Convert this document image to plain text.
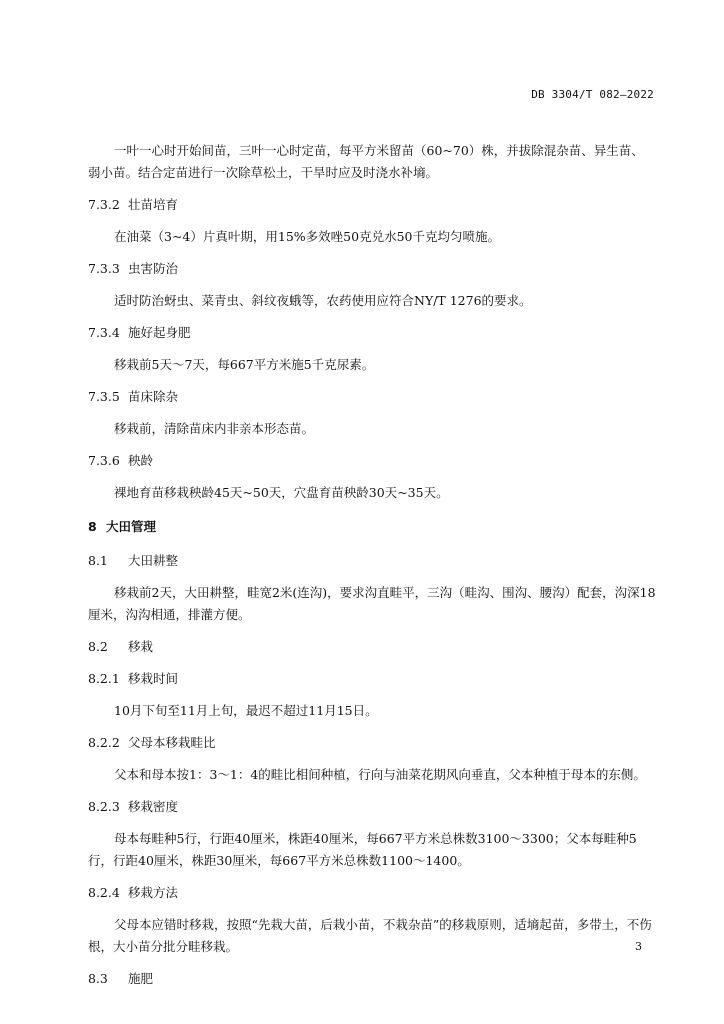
DB 3304/T 082—2022

一叶一心时开始间苗，三叶一心时定苗，每平方米留苗（60~70）株，并拔除混杂苗、异生苗、弱小苗。结合定苗进行一次除草松土，干旱时应及时浇水补墒。

7.3.2 壮苗培育

在油菜（3~4）片真叶期，用15%多效唑50克兑水50千克均匀喷施。

7.3.3 虫害防治

适时防治蚜虫、菜青虫、斜纹夜蛾等，农药使用应符合NY/T 1276的要求。

7.3.4 施好起身肥

移栽前5天～7天，每667平方米施5千克尿素。

7.3.5 苗床除杂

移栽前，清除苗床内非亲本形态苗。

7.3.6 秧龄

裸地育苗移栽秧龄45天~50天，穴盘育苗秧龄30天~35天。

8 大田管理
8.1 大田耕整

移栽前2天，大田耕整，畦宽2米(连沟)，要求沟直畦平，三沟（畦沟、围沟、腰沟）配套，沟深18厘米，沟沟相通，排灌方便。

8.2 移栽
8.2.1 移栽时间

10月下旬至11月上旬，最迟不超过11月15日。

8.2.2 父母本移栽畦比

父本和母本按1：3～1：4的畦比相间种植，行向与油菜花期风向垂直，父本种植于母本的东侧。

8.2.3 移栽密度

母本每畦种5行，行距40厘米，株距40厘米，每667平方米总株数3100～3300；父本每畦种5行，行距40厘米，株距30厘米，每667平方米总株数1100～1400。

8.2.4 移栽方法

父母本应错时移栽，按照“先栽大苗，后栽小苗，不栽杂苗”的移栽原则，适墒起苗，多带土，不伤根，大小苗分批分畦移栽。

8.3 施肥
3
